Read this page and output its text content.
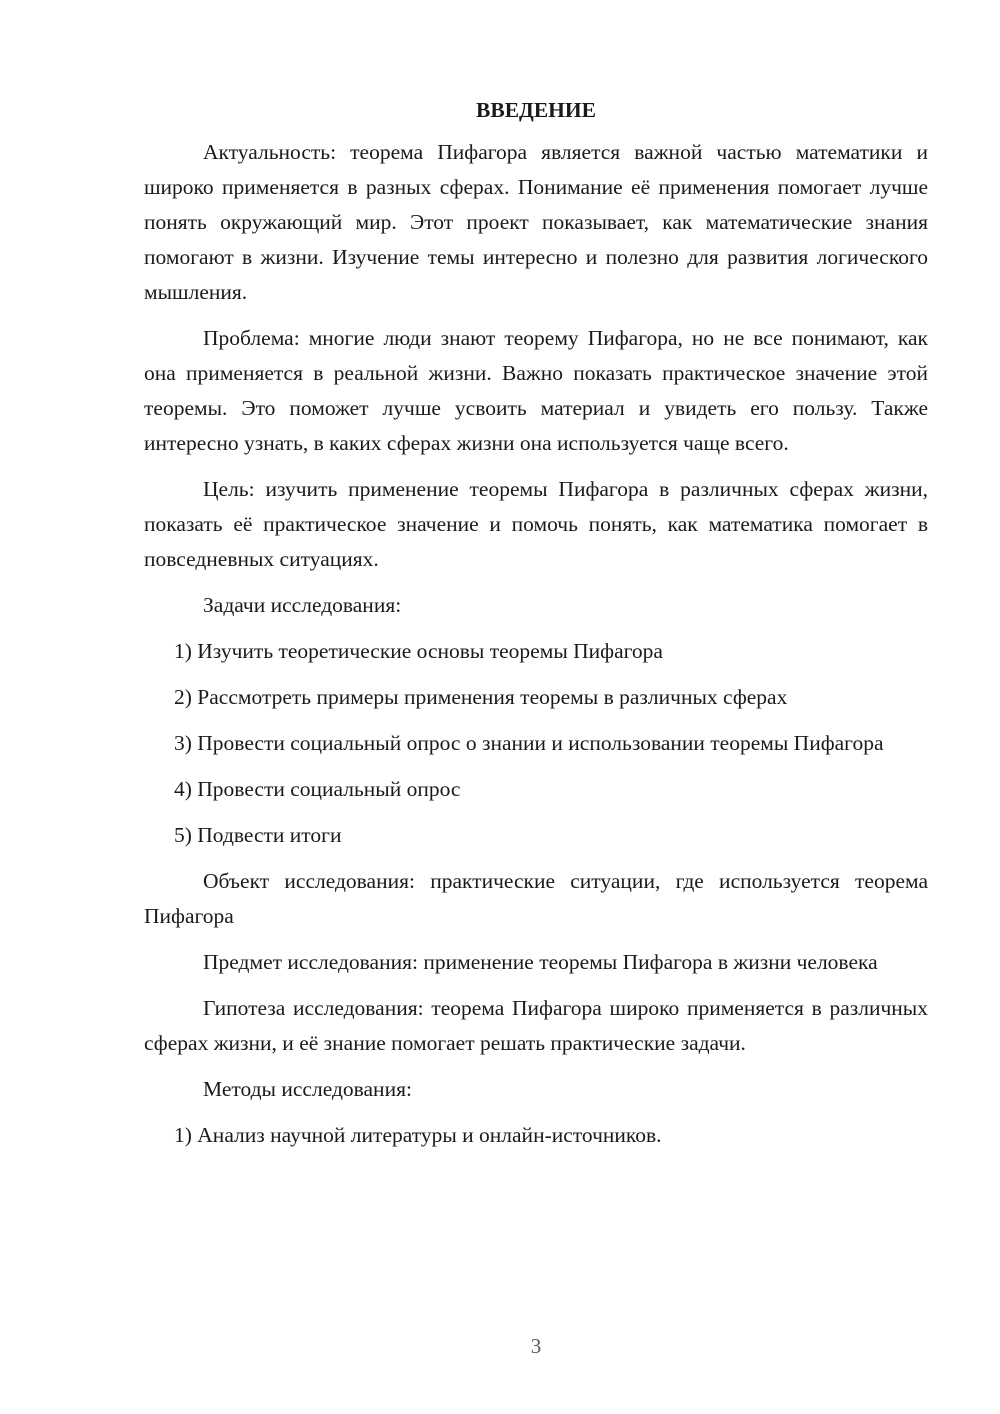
ВВЕДЕНИЕ

Актуальность: теорема Пифагора является важной частью математики и широко применяется в разных сферах. Понимание её применения помогает лучше понять окружающий мир. Этот проект показывает, как математические знания помогают в жизни. Изучение темы интересно и полезно для развития логического мышления.

Проблема: многие люди знают теорему Пифагора, но не все понимают, как она применяется в реальной жизни. Важно показать практическое значение этой теоремы. Это поможет лучше усвоить материал и увидеть его пользу. Также интересно узнать, в каких сферах жизни она используется чаще всего.

Цель: изучить применение теоремы Пифагора в различных сферах жизни, показать её практическое значение и помочь понять, как математика помогает в повседневных ситуациях.

Задачи исследования:

1) Изучить теоретические основы теоремы Пифагора

2) Рассмотреть примеры применения теоремы в различных сферах

3) Провести социальный опрос о знании и использовании теоремы Пифагора

4) Провести социальный опрос

5) Подвести итоги

Объект исследования: практические ситуации, где используется теорема Пифагора

Предмет исследования: применение теоремы Пифагора в жизни человека

Гипотеза исследования: теорема Пифагора широко применяется в различных сферах жизни, и её знание помогает решать практические задачи.

Методы исследования:

1) Анализ научной литературы и онлайн-источников.

3
